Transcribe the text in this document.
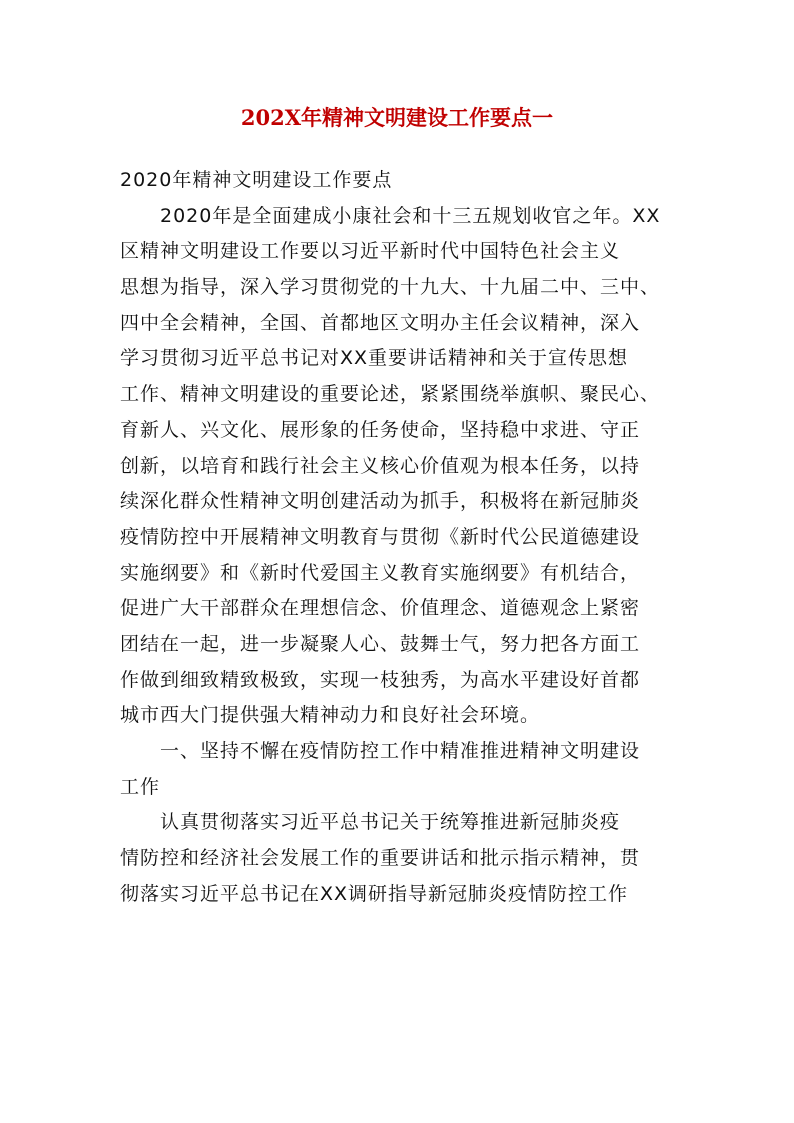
202X年精神文明建设工作要点一
2020年精神文明建设工作要点
2020年是全面建成小康社会和十三五规划收官之年。XX
区精神文明建设工作要以习近平新时代中国特色社会主义
思想为指导，深入学习贯彻党的十九大、十九届二中、三中、
四中全会精神，全国、首都地区文明办主任会议精神，深入
学习贯彻习近平总书记对XX重要讲话精神和关于宣传思想
工作、精神文明建设的重要论述，紧紧围绕举旗帜、聚民心、
育新人、兴文化、展形象的任务使命，坚持稳中求进、守正
创新，以培育和践行社会主义核心价值观为根本任务，以持
续深化群众性精神文明创建活动为抓手，积极将在新冠肺炎
疫情防控中开展精神文明教育与贯彻《新时代公民道德建设
实施纲要》和《新时代爱国主义教育实施纲要》有机结合，
促进广大干部群众在理想信念、价值理念、道德观念上紧密
团结在一起，进一步凝聚人心、鼓舞士气，努力把各方面工
作做到细致精致极致，实现一枝独秀，为高水平建设好首都
城市西大门提供强大精神动力和良好社会环境。
一、坚持不懈在疫情防控工作中精准推进精神文明建设
工作
认真贯彻落实习近平总书记关于统筹推进新冠肺炎疫
情防控和经济社会发展工作的重要讲话和批示指示精神，贯
彻落实习近平总书记在XX调研指导新冠肺炎疫情防控工作
